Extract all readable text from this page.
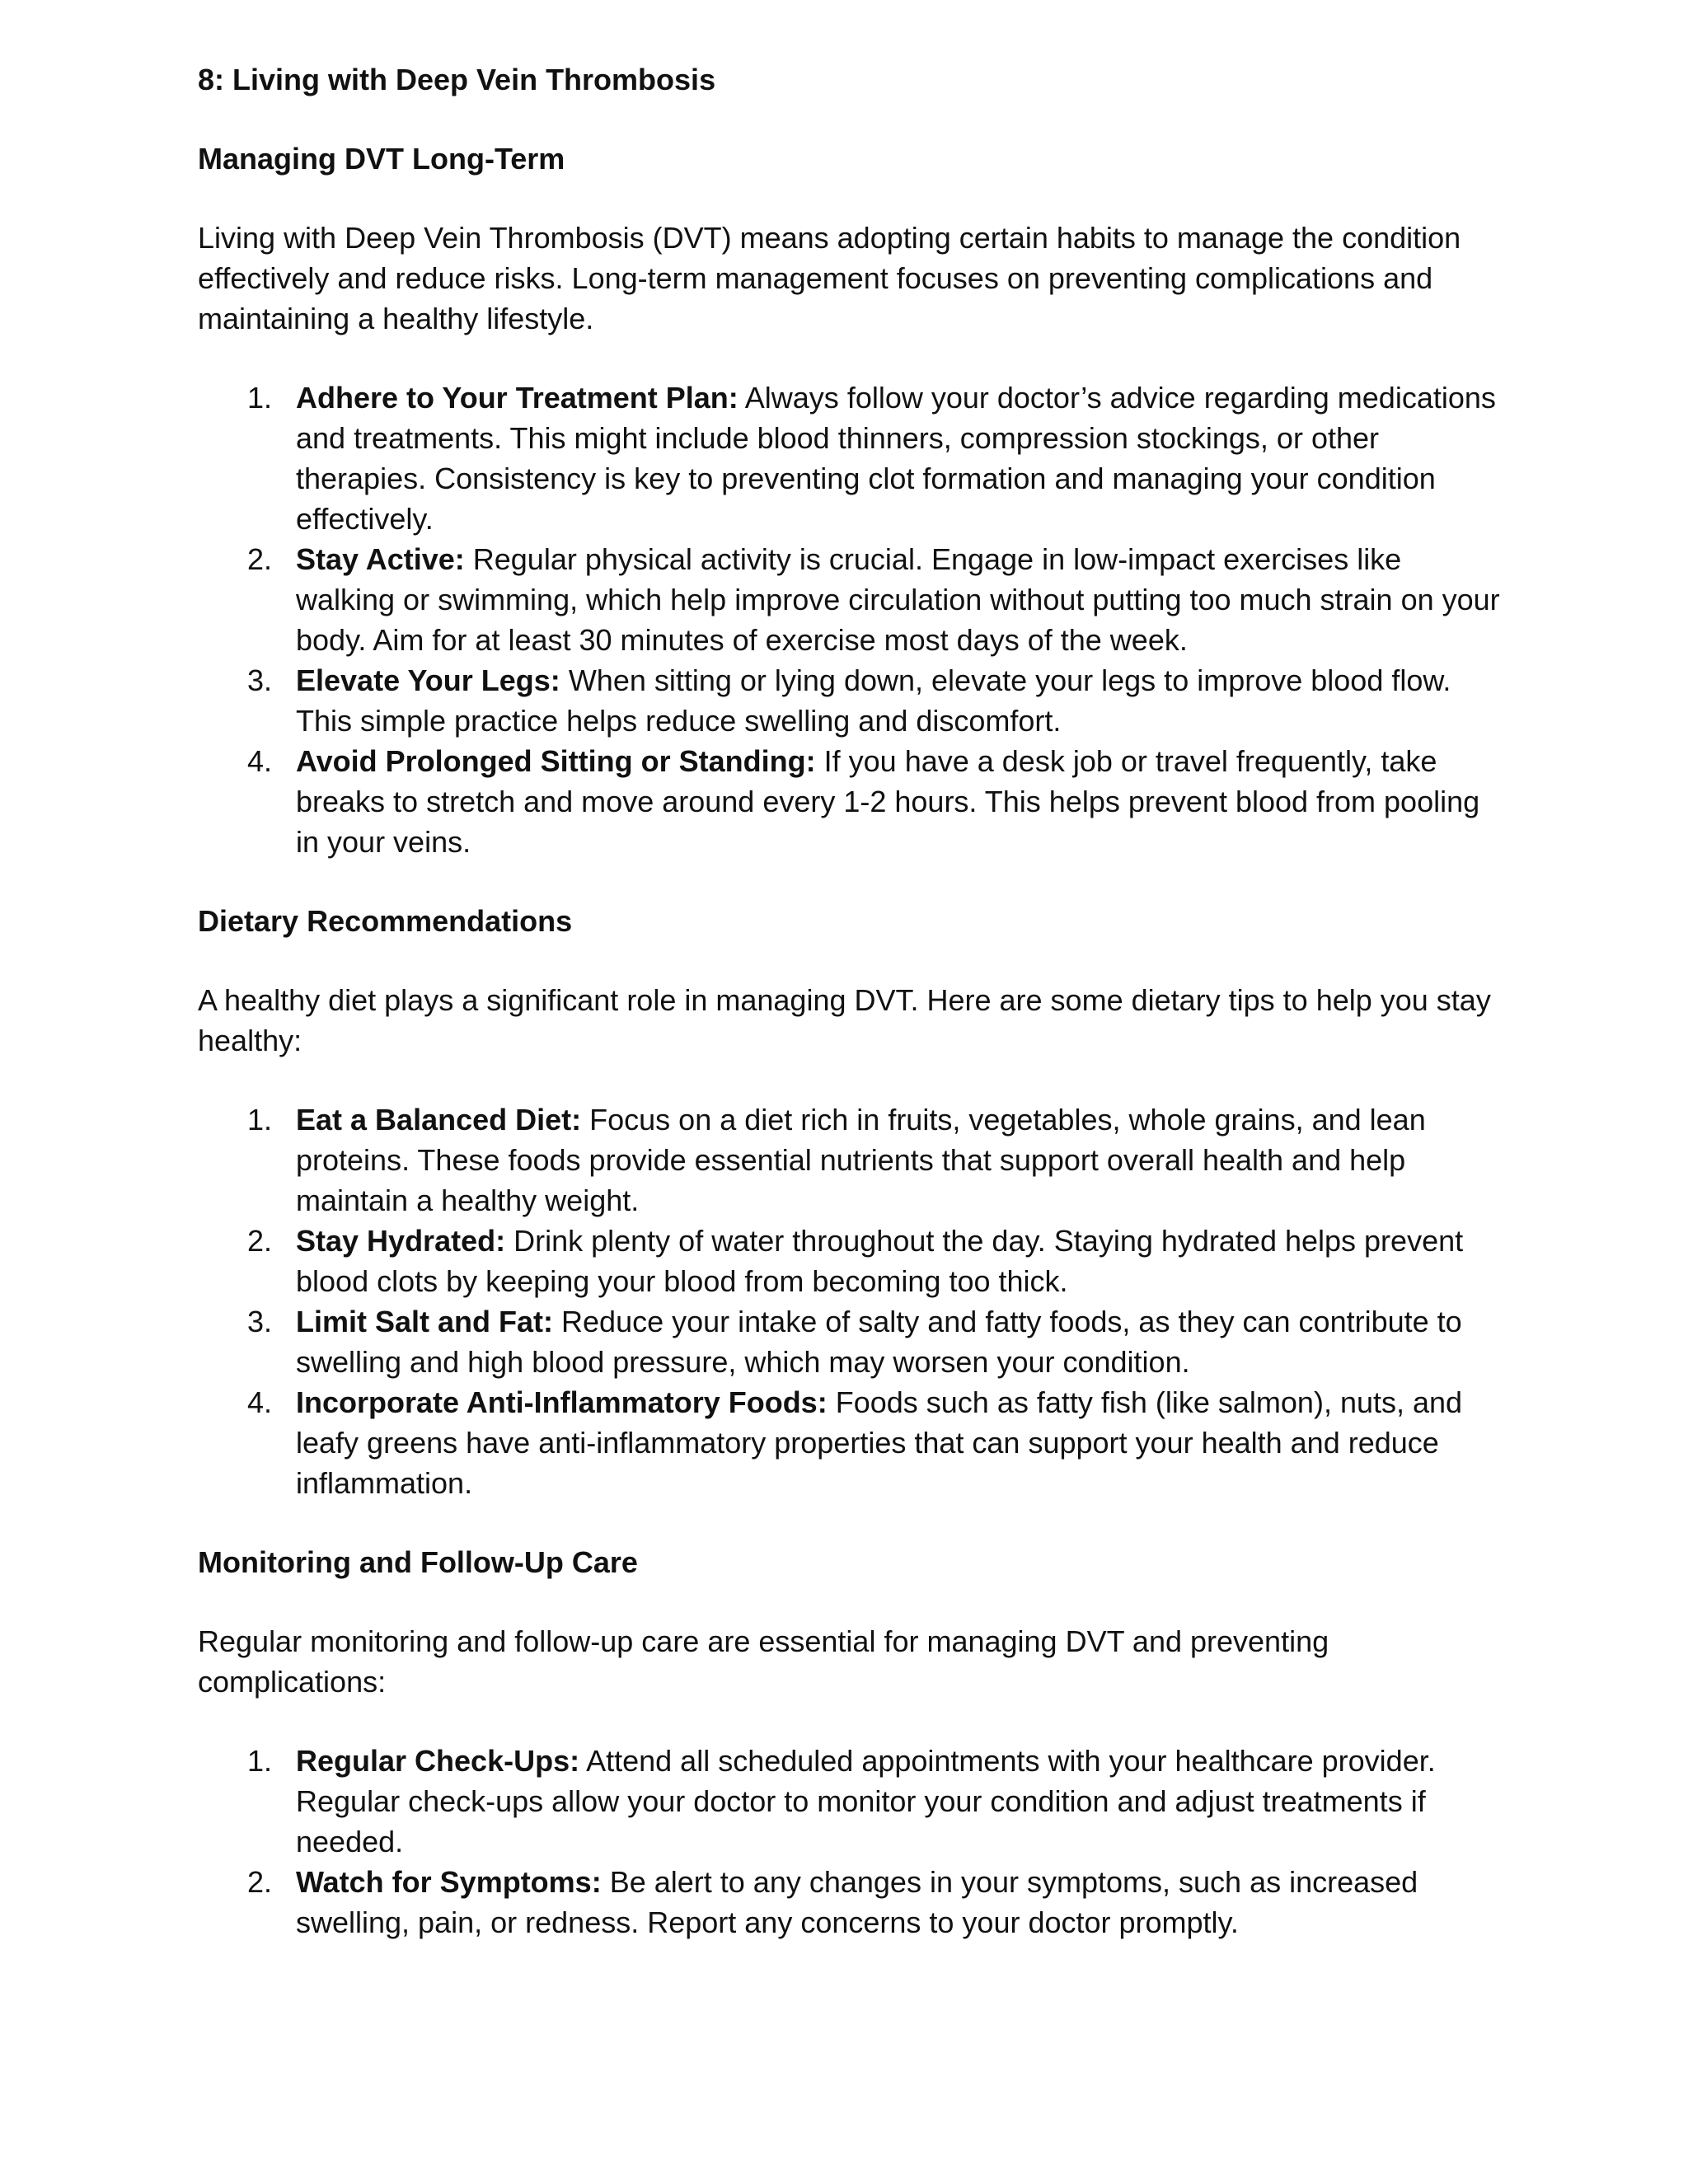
8: Living with Deep Vein Thrombosis
Managing DVT Long-Term

Living with Deep Vein Thrombosis (DVT) means adopting certain habits to manage the condition effectively and reduce risks. Long-term management focuses on preventing complications and maintaining a healthy lifestyle.

1. Adhere to Your Treatment Plan: Always follow your doctor’s advice regarding medications and treatments. This might include blood thinners, compression stockings, or other therapies. Consistency is key to preventing clot formation and managing your condition effectively.
2. Stay Active: Regular physical activity is crucial. Engage in low-impact exercises like walking or swimming, which help improve circulation without putting too much strain on your body. Aim for at least 30 minutes of exercise most days of the week.
3. Elevate Your Legs: When sitting or lying down, elevate your legs to improve blood flow. This simple practice helps reduce swelling and discomfort.
4. Avoid Prolonged Sitting or Standing: If you have a desk job or travel frequently, take breaks to stretch and move around every 1-2 hours. This helps prevent blood from pooling in your veins.
Dietary Recommendations

A healthy diet plays a significant role in managing DVT. Here are some dietary tips to help you stay healthy:

1. Eat a Balanced Diet: Focus on a diet rich in fruits, vegetables, whole grains, and lean proteins. These foods provide essential nutrients that support overall health and help maintain a healthy weight.
2. Stay Hydrated: Drink plenty of water throughout the day. Staying hydrated helps prevent blood clots by keeping your blood from becoming too thick.
3. Limit Salt and Fat: Reduce your intake of salty and fatty foods, as they can contribute to swelling and high blood pressure, which may worsen your condition.
4. Incorporate Anti-Inflammatory Foods: Foods such as fatty fish (like salmon), nuts, and leafy greens have anti-inflammatory properties that can support your health and reduce inflammation.
Monitoring and Follow-Up Care

Regular monitoring and follow-up care are essential for managing DVT and preventing complications:

1. Regular Check-Ups: Attend all scheduled appointments with your healthcare provider. Regular check-ups allow your doctor to monitor your condition and adjust treatments if needed.
2. Watch for Symptoms: Be alert to any changes in your symptoms, such as increased swelling, pain, or redness. Report any concerns to your doctor promptly.
